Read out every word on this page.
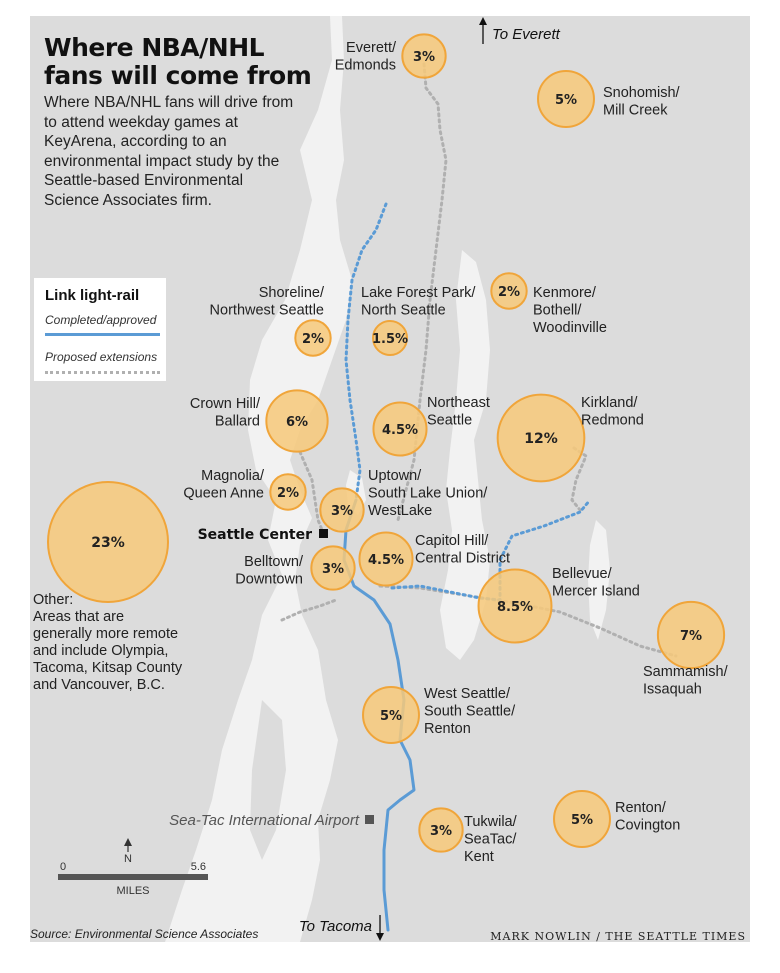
3%
5%
2%	1.5%
2%
6%
4.5%
12%
2%
3%
23%
4.5%
3%
8.5%
7%
5%
3%
5%
Everett/ Edmonds
Snohomish/ Mill Creek
Shoreline/ Northwest Seattle
Lake Forest Park/ North Seattle
Kenmore/ Bothell/ Woodinville
Crown Hill/ Ballard
Northeast Seattle
Kirkland/ Redmond
Magnolia/ Queen Anne
Uptown/ South Lake Union/ WestLake
Other: Areas that are generally more remote and include Olympia, Tacoma, Kitsap County and Vancouver, B.C.
Capitol Hill/ Central District
Belltown/ Downtown	Bellevue/ Mercer Island
Sammamish/ Issaquah
West Seattle/ South Seattle/ Renton
Tukwila/ SeaTac/ Kent
Renton/ Covington
Seattle Center
Sea-Tac International Airport
To Everett
To Tacoma
Where NBA/NHL fans will come from

Where NBA/NHL fans will drive from to attend weekday games at KeyArena, according to an environmental impact study by the Seattle-based Environmental Science Associates firm.

Link light-rail
Completed/approved
Proposed extensions
N
0	5.6
MILES
Source: Environmental Science Associates	MARK NOWLIN / THE SEATTLE TIMES
